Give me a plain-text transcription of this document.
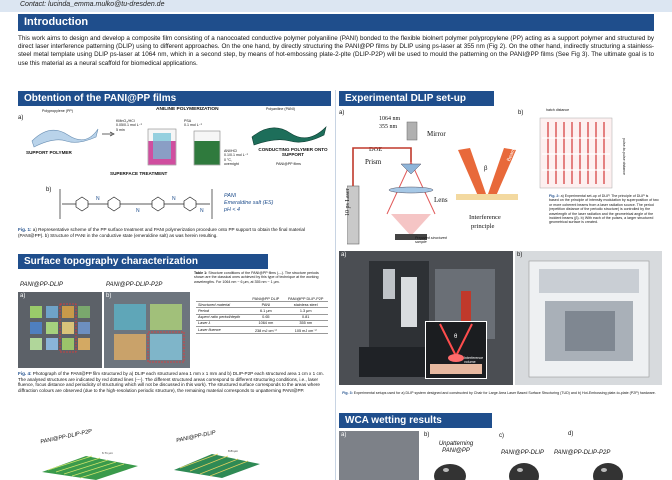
Contact: lucinda_emma.mulko@tu-dresden.de
Introduction
This work aims to design and develop a composite film consisting of a nanocoated conductive polymer polyaniline (PANI) bonded to the flexible biolnert polymer polypropylene (PP) acting as a support polymer and structured by direct laser interference patterning (DLIP) using to different approaches. On the one hand, by directly structuring the PANI@PP films by DLIP using ps-laser at 355 nm (Fig 2). On the other hand, indirectly structuring a stainless-steel metal template using DLIP ps-laser at 1064 nm, which in a second step, by means of hot-embossing plate-2-plte (DLIP-P2P) will be used to mould the patterning on the PANI@PP films (See Fig 3). The ultimate goal is to use this material as a neural scaffold for biomedical applications.
Obtention of the PANI@PP films
a)
Polypropylene (PP)
SUPPORT POLYMER
KMnO₄/HCl
0.05/0.1 mol L⁻¹
5 min
ANILINE POLYMERIZATION
PSA
0.1 mol L⁻¹
ANI/HCl
0.1/0.1 mol L⁻¹
0 °C,
overnight
SUPERFACE TREATMENT
Polyaniline (PANI)
CONDUCTING POLYMER ONTO SUPPORT
PANI@PP films
b)
N
N
N
N
PANI
Emeraldine salt (ES)
pH < 4
Fig. 1: a) Representative scheme of the PP surface treatment and PANI polymerization procedure onto PP support to obtain the final material (PANI@PP). b) Structure of PANI in the conductive state (emeraldine salt) as was herein resulting.
Surface topography characterization
PANI@PP-DLIP	PANI@PP-DLIP-P2P
a)	b)
Table 1: Structure conditions of the PANI@PP films (---). The structure periods shown are the classical ones achieved by this type of technique at the working wavelengths. For 1064 nm ~ 6 μm, at 355 nm ~ 1 μm.
	PANI@PP DLIP	PANI@PP DLIP-P2P
Structured material	PANI	stainless steel
Period	6.1 μm	1.3 μm
Aspect ratio period/depth	0.65	0.81
Laser λ	1064 nm	355 nm
Laser fluence	238 mJ cm⁻²	105 mJ cm⁻²
Fig. 4: Photograph of the PANI@PP film structured by a) DLIP each structured area 1 mm x 1 mm and b) DLIP-P2P each structured area 1 cm x 1 cm. The analysed structures are indicated by red dotted lines (---). The different structured areas correspond to different structuring conditions, i.e., laser fluence, focus distance and periodicity of structuring which will not be discussed in this work). The structured surface corresponds to the areas where diffraction colours are observed (due to the high-resolution periodic structure), the remaining material corresponds to unpatterning PANI@PP.
PANI@PP-DLIP-P2P	PANI@PP-DLIP
6.71 μm	8.81μm
Experimental DLIP set-up
a)
1064 nm
355 nm
Mirror
DOE
Prism
Lens
Interference
principle
10 ps Laser
Prepared structured sample
b)	hatch distance
pulse-to-pulse distance
Beam 1
Beam 2
β
Fig. 2: a) Experimental set-up of DLIP. The principle of DLIP is based on the principle of intensity modulation by superposition of two or more coherent beams from a laser radiation source. The period (repetition distance of the periodic structure) is controlled by the wavelength of the laser radiation and the geometrical angle of the incident beams (β). b) With each of the pulses, a larger structured geometrical surface is created.
a)
θ
Interference volume
b)
Fig. 3: Experimental setups used for a) DLIP system designed and constructed by Chair for Large Area Laser Based Surface Structuring (TUD) and b) Hot-Embossing plate-to-plate (P2P) hardware.
WCA wetting results
a)	b)
Unpatterning
PANI@PP
c)	d)
PANI@PP-DLIP PANI@PP-DLIP-P2P
